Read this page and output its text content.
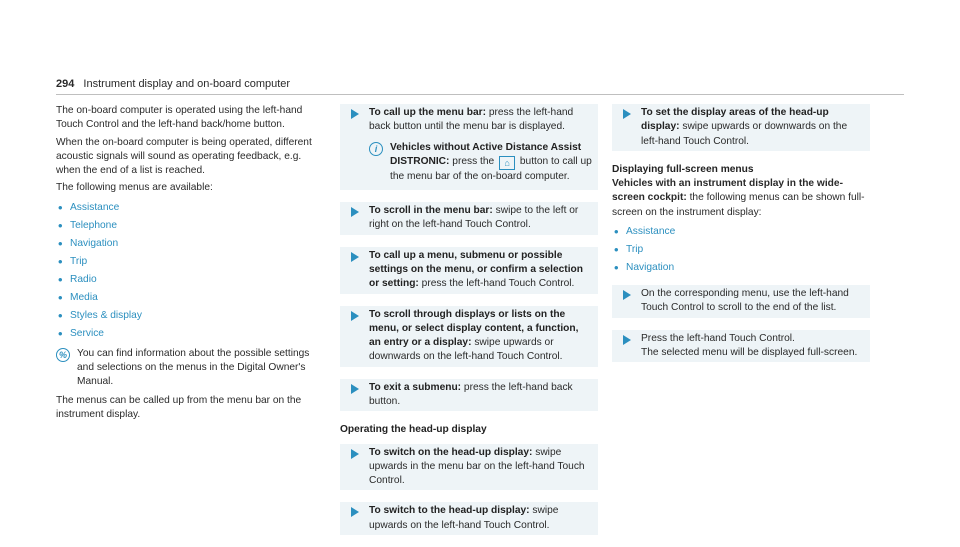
294 Instrument display and on-board computer

The on-board computer is operated using the left-hand Touch Control and the left-hand back/home button.

When the on-board computer is being operated, different acoustic signals will sound as operating feedback, e.g. when the end of a list is reached.

The following menus are available:

• Assistance
• Telephone
• Navigation
• Trip
• Radio
• Media
• Styles & display
• Service
% You can find information about the possible settings and selections on the menus in the Digital Owner's Manual.

The menus can be called up from the menu bar on the instrument display.

To call up the menu bar: press the left-hand back button until the menu bar is displayed.
i	Vehicles without Active Distance Assist DISTRONIC: press the ⌂ button to call up the menu bar of the on-board computer.
To scroll in the menu bar: swipe to the left or right on the left-hand Touch Control.
To call up a menu, submenu or possible settings on the menu, or confirm a selection or setting: press the left-hand Touch Control.
To scroll through displays or lists on the menu, or select display content, a function, an entry or a display: swipe upwards or downwards on the left-hand Touch Control.
To exit a submenu: press the left-hand back button.
Operating the head-up display
To switch on the head-up display: swipe upwards in the menu bar on the left-hand Touch Control.
To switch to the head-up display: swipe upwards on the left-hand Touch Control.
To set the display areas of the head-up display: swipe upwards or downwards on the left-hand Touch Control.
Displaying full-screen menus

Vehicles with an instrument display in the wide-screen cockpit: the following menus can be shown full-screen on the instrument display:

• Assistance
• Trip
• Navigation
On the corresponding menu, use the left-hand Touch Control to scroll to the end of the list.
Press the left-hand Touch Control.
The selected menu will be displayed full-screen.
